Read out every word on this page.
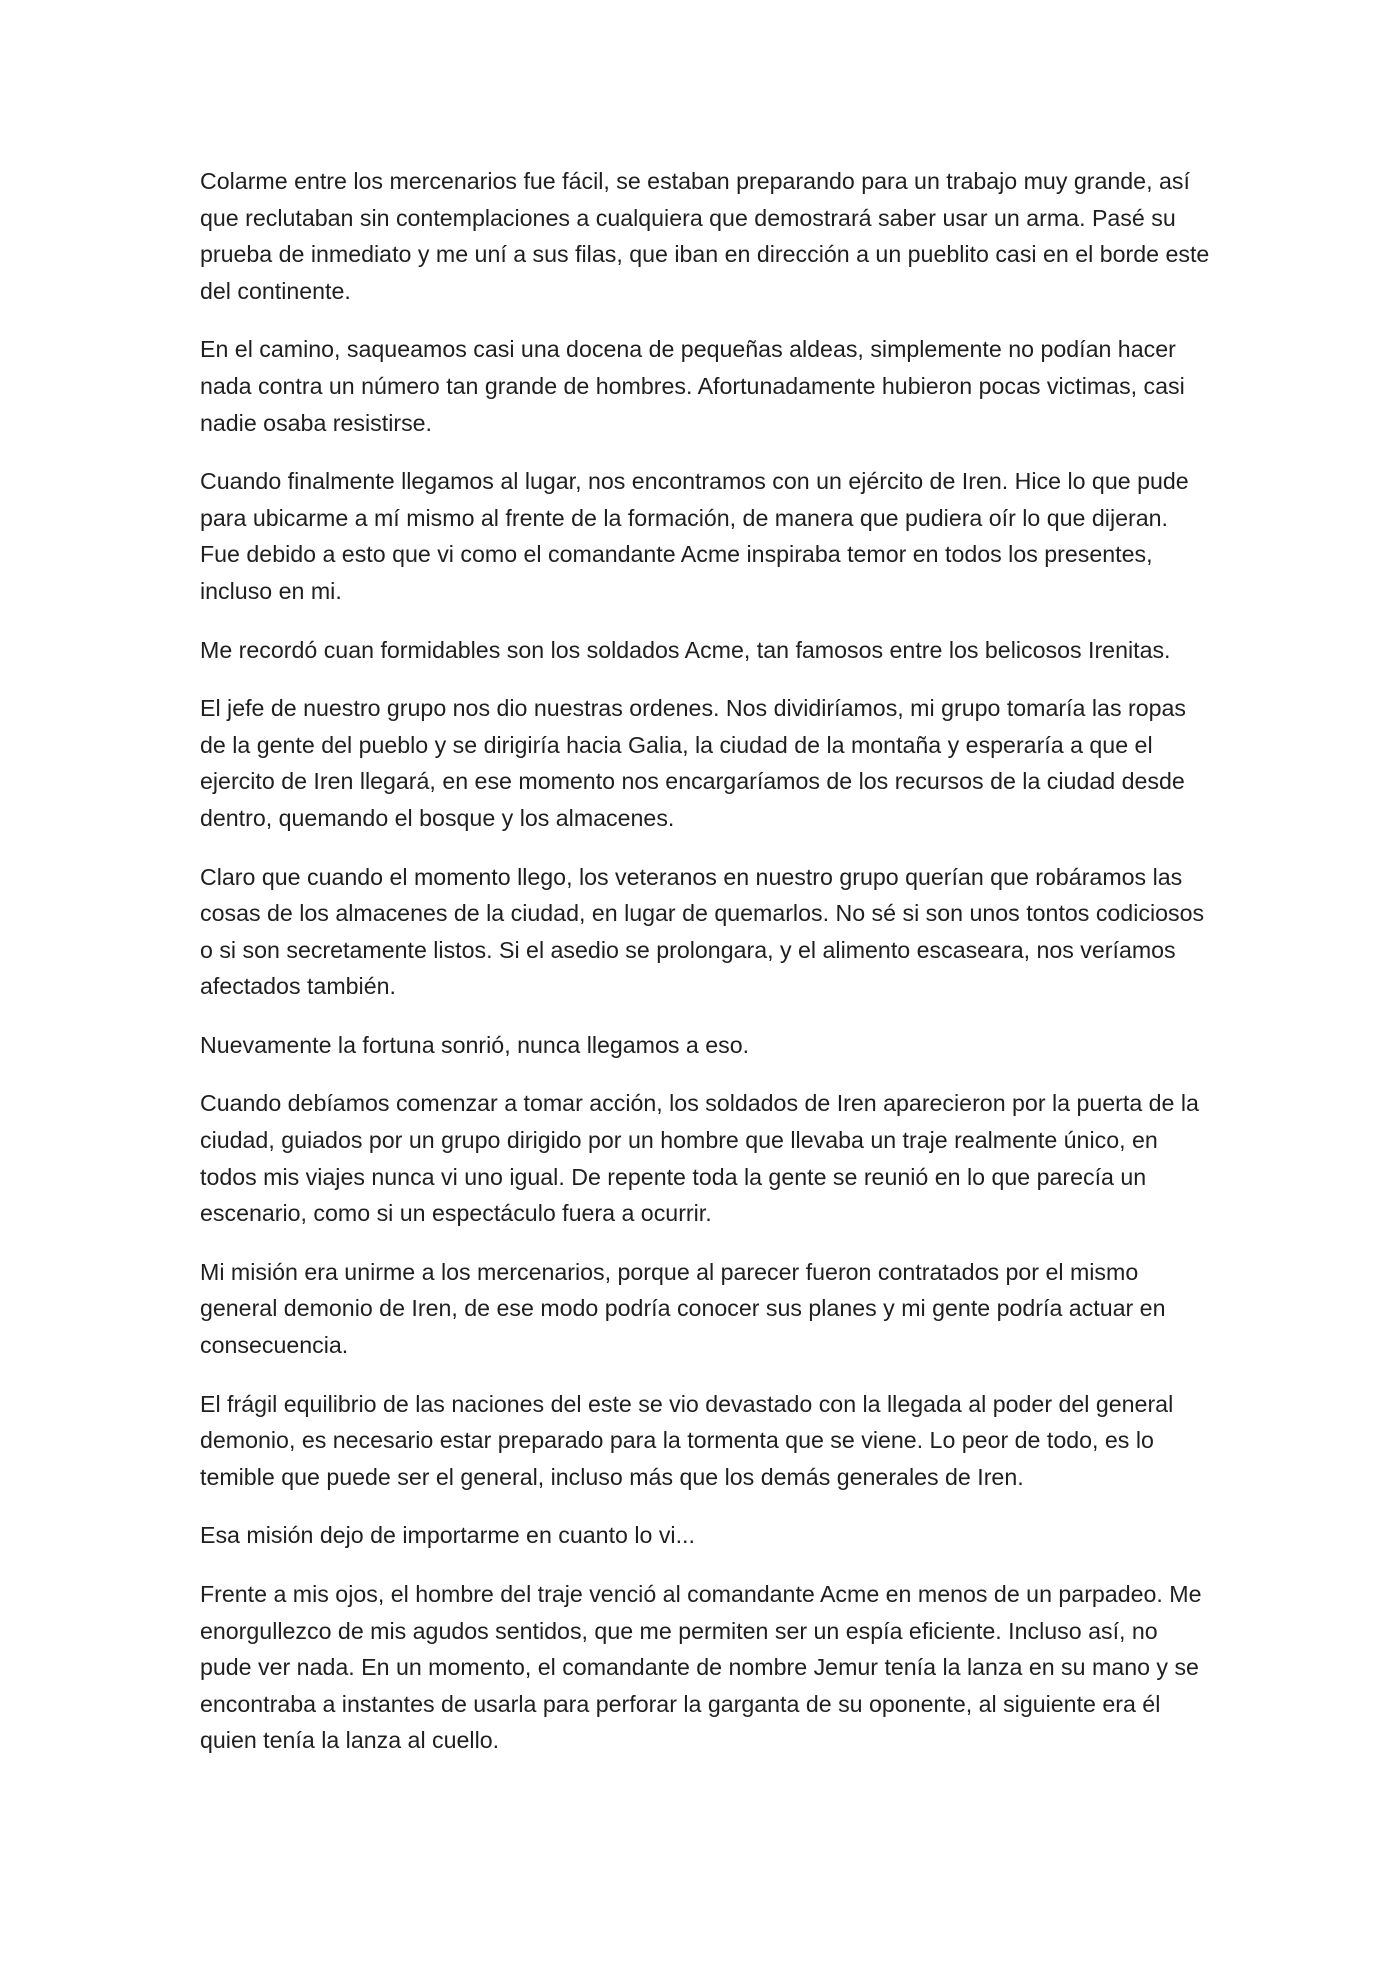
Colarme entre los mercenarios fue fácil, se estaban preparando para un trabajo muy grande, así que reclutaban sin contemplaciones a cualquiera que demostrará saber usar un arma. Pasé su prueba de inmediato y me uní a sus filas, que iban en dirección a un pueblito casi en el borde este del continente.

En el camino, saqueamos casi una docena de pequeñas aldeas, simplemente no podían hacer nada contra un número tan grande de hombres. Afortunadamente hubieron pocas victimas, casi nadie osaba resistirse.

Cuando finalmente llegamos al lugar, nos encontramos con un ejército de Iren. Hice lo que pude para ubicarme a mí mismo al frente de la formación, de manera que pudiera oír lo que dijeran. Fue debido a esto que vi como el comandante Acme inspiraba temor en todos los presentes, incluso en mi.

Me recordó cuan formidables son los soldados Acme, tan famosos entre los belicosos Irenitas.

El jefe de nuestro grupo nos dio nuestras ordenes. Nos dividiríamos, mi grupo tomaría las ropas de la gente del pueblo y se dirigiría hacia Galia, la ciudad de la montaña y esperaría a que el ejercito de Iren llegará, en ese momento nos encargaríamos de los recursos de la ciudad desde dentro, quemando el bosque y los almacenes.

Claro que cuando el momento llego, los veteranos en nuestro grupo querían que robáramos las cosas de los almacenes de la ciudad, en lugar de quemarlos. No sé si son unos tontos codiciosos o si son secretamente listos. Si el asedio se prolongara, y el alimento escaseara, nos veríamos afectados también.

Nuevamente la fortuna sonrió, nunca llegamos a eso.

Cuando debíamos comenzar a tomar acción, los soldados de Iren aparecieron por la puerta de la ciudad, guiados por un grupo dirigido por un hombre que llevaba un traje realmente único, en todos mis viajes nunca vi uno igual. De repente toda la gente se reunió en lo que parecía un escenario, como si un espectáculo fuera a ocurrir.

Mi misión era unirme a los mercenarios, porque al parecer fueron contratados por el mismo general demonio de Iren, de ese modo podría conocer sus planes y mi gente podría actuar en consecuencia.

El frágil equilibrio de las naciones del este se vio devastado con la llegada al poder del general demonio, es necesario estar preparado para la tormenta que se viene. Lo peor de todo, es lo temible que puede ser el general, incluso más que los demás generales de Iren.

Esa misión dejo de importarme en cuanto lo vi...

Frente a mis ojos, el hombre del traje venció al comandante Acme en menos de un parpadeo. Me enorgullezco de mis agudos sentidos, que me permiten ser un espía eficiente. Incluso así, no pude ver nada. En un momento, el comandante de nombre Jemur tenía la lanza en su mano y se encontraba a instantes de usarla para perforar la garganta de su oponente, al siguiente era él quien tenía la lanza al cuello.
